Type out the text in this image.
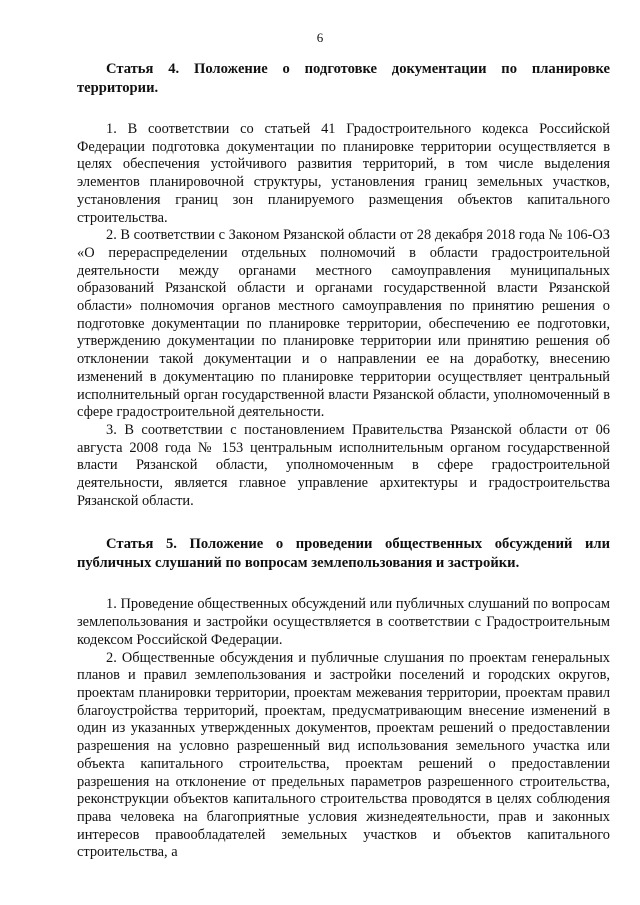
6

Статья 4. Положение о подготовке документации по планировке территории.

1. В соответствии со статьей 41 Градостроительного кодекса Российской Федерации подготовка документации по планировке территории осуществляется в целях обеспечения устойчивого развития территорий, в том числе выделения элементов планировочной структуры, установления границ земельных участков, установления границ зон планируемого размещения объектов капитального строительства.

2. В соответствии с Законом Рязанской области от 28 декабря 2018 года № 106-ОЗ «О перераспределении отдельных полномочий в области градостроительной деятельности между органами местного самоуправления муниципальных образований Рязанской области и органами государственной власти Рязанской области» полномочия органов местного самоуправления по принятию решения о подготовке документации по планировке территории, обеспечению ее подготовки, утверждению документации по планировке территории или принятию решения об отклонении такой документации и о направлении ее на доработку, внесению изменений в документацию по планировке территории осуществляет центральный исполнительный орган государственной власти Рязанской области, уполномоченный в сфере градостроительной деятельности.

3. В соответствии с постановлением Правительства Рязанской области от 06 августа 2008 года № 153 центральным исполнительным органом государственной власти Рязанской области, уполномоченным в сфере градостроительной деятельности, является главное управление архитектуры и градостроительства Рязанской области.

Статья 5. Положение о проведении общественных обсуждений или публичных слушаний по вопросам землепользования и застройки.

1. Проведение общественных обсуждений или публичных слушаний по вопросам землепользования и застройки осуществляется в соответствии с Градостроительным кодексом Российской Федерации.

2. Общественные обсуждения и публичные слушания по проектам генеральных планов и правил землепользования и застройки поселений и городских округов, проектам планировки территории, проектам межевания территории, проектам правил благоустройства территорий, проектам, предусматривающим внесение изменений в один из указанных утвержденных документов, проектам решений о предоставлении разрешения на условно разрешенный вид использования земельного участка или объекта капитального строительства, проектам решений о предоставлении разрешения на отклонение от предельных параметров разрешенного строительства, реконструкции объектов капитального строительства проводятся в целях соблюдения права человека на благоприятные условия жизнедеятельности, прав и законных интересов правообладателей земельных участков и объектов капитального строительства, а
